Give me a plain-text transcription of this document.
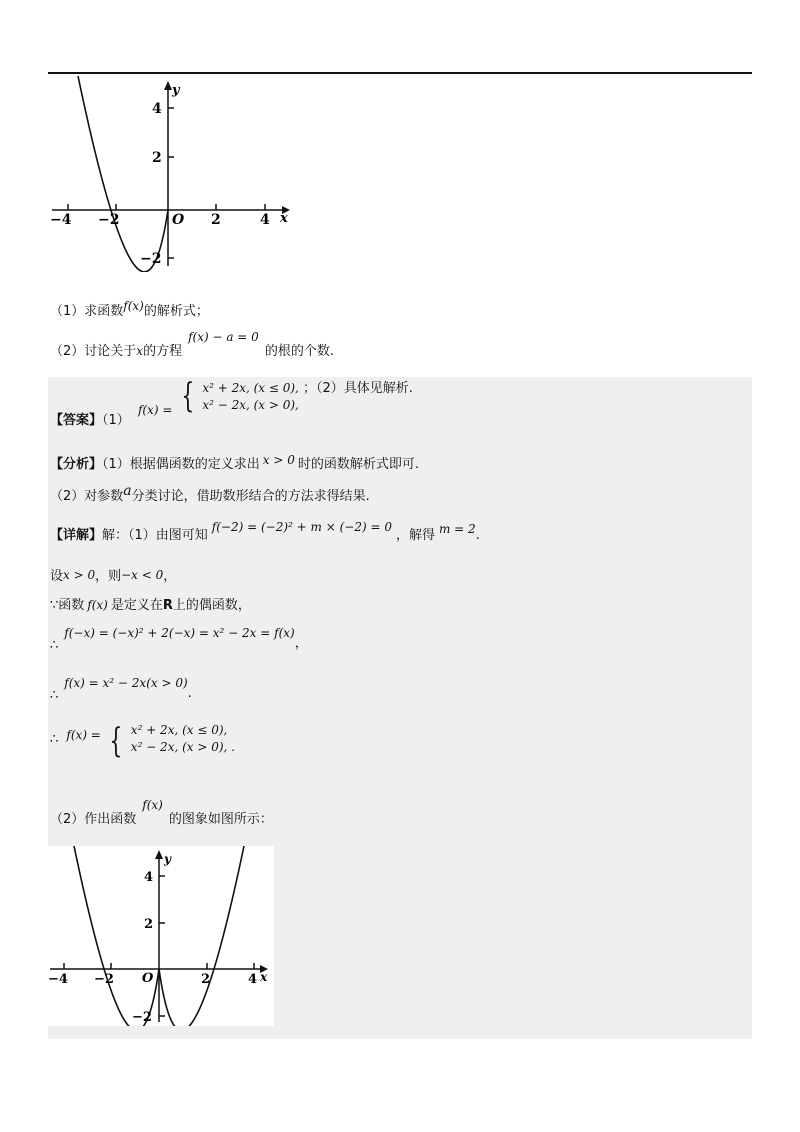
−4 −2	2	4
4
2
−2
O	x
y
（1）求函数f(x)的解析式；
（2）讨论关于x的方程f(x) − a = 0的根的个数.
【答案】（1） f(x) = { x² + 2x, (x ≤ 0),
x² − 2x, (x > 0),
；（2）具体见解析.
【分析】（1）根据偶函数的定义求出 x > 0 时的函数解析式即可.
（2）对参数a分类讨论，借助数形结合的方法求得结果.
【详解】解：（1）由图可知f(−2) = (−2)² + m × (−2) = 0，解得 m = 2.
设x > 0，则−x < 0，
∵函数 f(x) 是定义在R上的偶函数，
∴f(−x) = (−x)² + 2(−x) = x² − 2x = f(x)，
∴f(x) = x² − 2x(x > 0).
∴ f(x) = { x² + 2x, (x ≤ 0),
x² − 2x, (x > 0), .
（2）作出函数f(x)的图象如图所示：
−4 −2	2	4
4
2
−2
O	x
y
